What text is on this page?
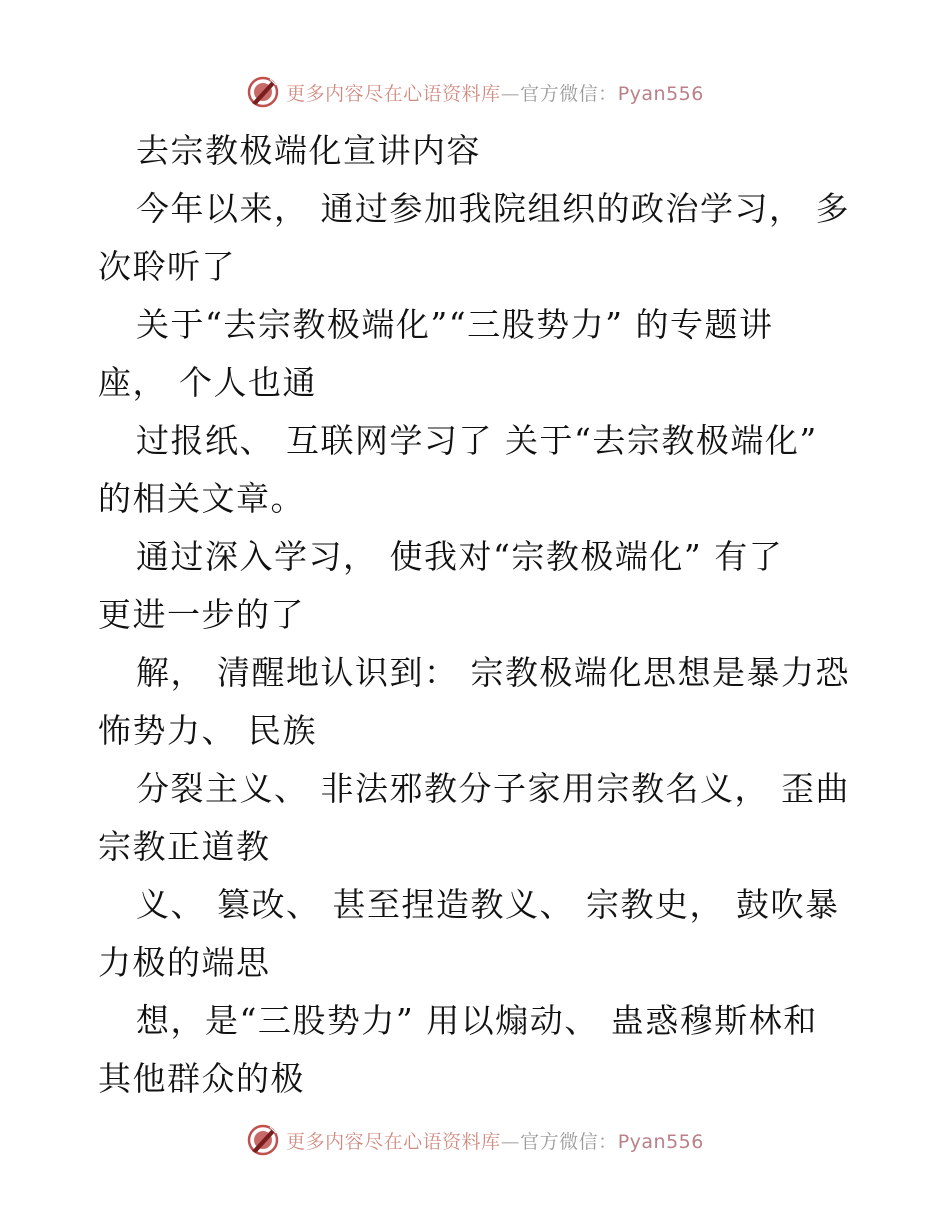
更多内容尽在心语资料库—官方微信：Pyan556
去宗教极端化宣讲内容
今年以来， 通过参加我院组织的政治学习， 多
次聆听了
关于“去宗教极端化”“三股势力” 的专题讲
座， 个人也通
过报纸、 互联网学习了 关于“去宗教极端化”
的相关文章。
通过深入学习， 使我对“宗教极端化” 有了
更进一步的了
解， 清醒地认识到： 宗教极端化思想是暴力恐
怖势力、 民族
分裂主义、 非法邪教分子家用宗教名义， 歪曲
宗教正道教
义、 篡改、 甚至捏造教义、 宗教史， 鼓吹暴
力极的端思
想，是“三股势力” 用以煽动、 蛊惑穆斯林和
其他群众的极
更多内容尽在心语资料库—官方微信：Pyan556
